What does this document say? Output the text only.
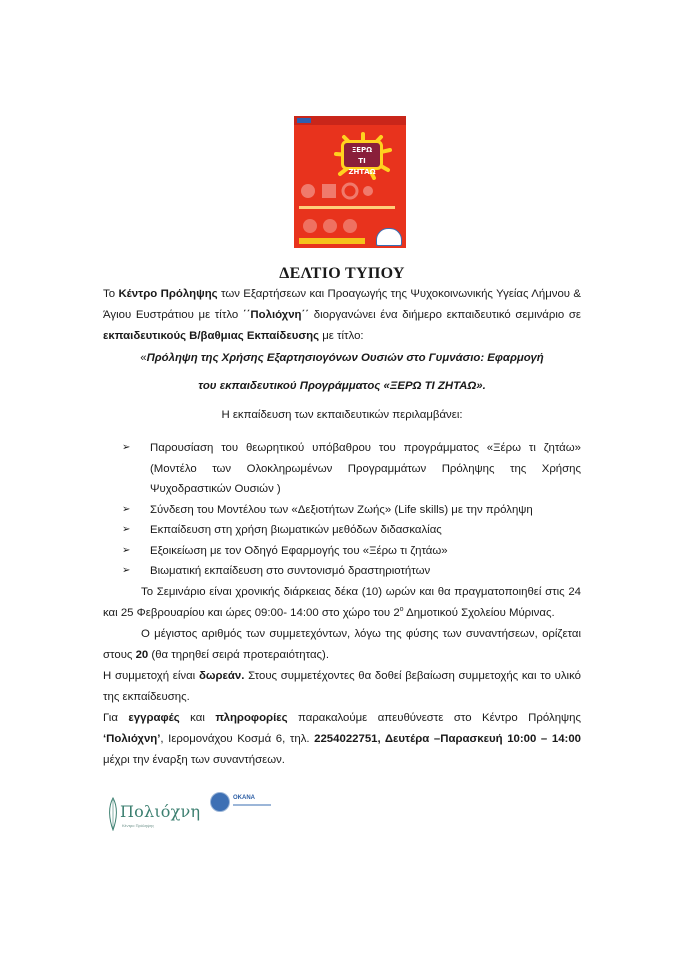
ΞΕΡΩ
ΤΙ ΖΗΤΑΩ
ΔΕΛΤΙΟ ΤΥΠΟΥ

Το Κέντρο Πρόληψης των Εξαρτήσεων και Προαγωγής της Ψυχοκοινωνικής Υγείας Λήμνου & Άγιου Ευστράτιου με τίτλο ΄΄Πολιόχνη΄΄ διοργανώνει ένα διήμερο εκπαιδευτικό σεμινάριο σε εκπαιδευτικούς Β/βαθμιας Εκπαίδευσης με τίτλο:

«Πρόληψη της Χρήσης Εξαρτησιογόνων Ουσιών στο Γυμνάσιο: Εφαρμογή

του εκπαιδευτικού Προγράμματος «ΞΕΡΩ ΤΙ ΖΗΤΑΩ».

Η εκπαίδευση των εκπαιδευτικών περιλαμβάνει:

➢ Παρουσίαση του θεωρητικού υπόβαθρου του προγράμματος «Ξέρω τι ζητάω» (Μοντέλο των Ολοκληρωμένων Προγραμμάτων Πρόληψης της Χρήσης Ψυχοδραστικών Ουσιών )
➢ Σύνδεση του Μοντέλου των «Δεξιοτήτων Ζωής» (Life skills) με την πρόληψη
➢ Εκπαίδευση στη χρήση βιωματικών μεθόδων διδασκαλίας
➢ Εξοικείωση με τον Οδηγό Εφαρμογής του «Ξέρω τι ζητάω»
➢ Βιωματική εκπαίδευση στο συντονισμό δραστηριοτήτων

Το Σεμινάριο είναι χρονικής διάρκειας δέκα (10) ωρών και θα πραγματοποιηθεί στις 24 και 25 Φεβρουαρίου και ώρες 09:00- 14:00 στο χώρο του $2^o$ Δημοτικού Σχολείου Μύρινας.

Ο μέγιστος αριθμός των συμμετεχόντων, λόγω της φύσης των συναντήσεων, ορίζεται στους 20 (θα τηρηθεί σειρά προτεραιότητας).

Η συμμετοχή είναι δωρεάν. Στους συμμετέχοντες θα δοθεί βεβαίωση συμμετοχής και το υλικό της εκπαίδευσης.

Για εγγραφές και πληροφορίες παρακαλούμε απευθύνεστε στο Κέντρο Πρόληψης ‘Πολιόχνη’, Ιερομονάχου Κοσμά 6, τηλ. 2254022751, Δευτέρα –Παρασκευή 10:00 – 14:00 μέχρι την έναρξη των συναντήσεων.

Πολιόχνη
Κέντρο Πρόληψης
ΟΚΑΝΑ
